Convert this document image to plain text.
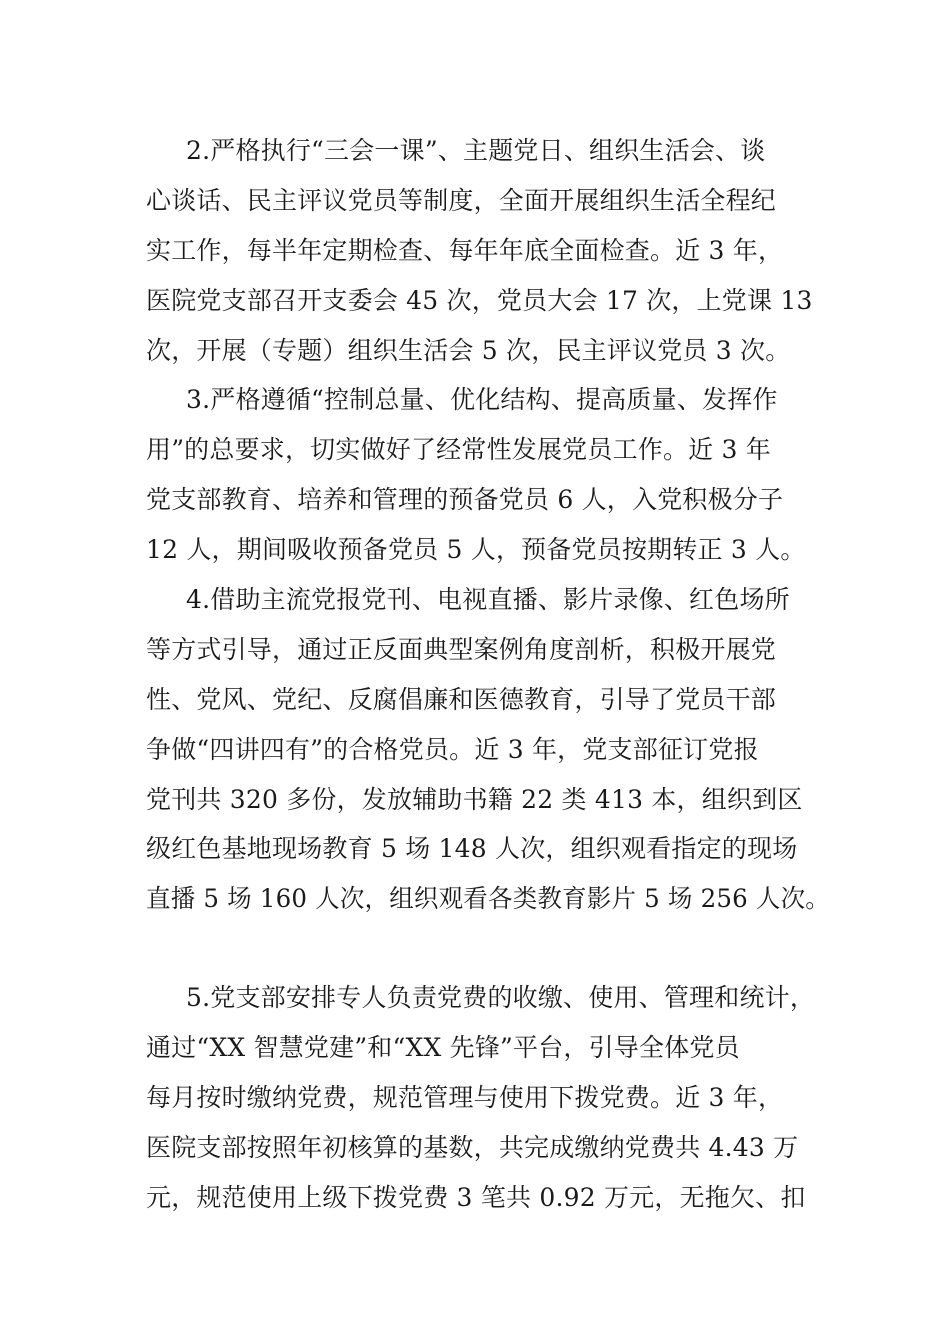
2.严格执行“三会一课”、主题党日、组织生活会、谈
心谈话、民主评议党员等制度，全面开展组织生活全程纪
实工作，每半年定期检查、每年年底全面检查。近 3 年，
医院党支部召开支委会 45 次，党员大会 17 次，上党课 13
次，开展（专题）组织生活会 5 次，民主评议党员 3 次。
3.严格遵循“控制总量、优化结构、提高质量、发挥作
用”的总要求，切实做好了经常性发展党员工作。近 3 年
党支部教育、培养和管理的预备党员 6 人，入党积极分子
12 人，期间吸收预备党员 5 人，预备党员按期转正 3 人。
4.借助主流党报党刊、电视直播、影片录像、红色场所
等方式引导，通过正反面典型案例角度剖析，积极开展党
性、党风、党纪、反腐倡廉和医德教育，引导了党员干部
争做“四讲四有”的合格党员。近 3 年，党支部征订党报
党刊共 320 多份，发放辅助书籍 22 类 413 本，组织到区
级红色基地现场教育 5 场 148 人次，组织观看指定的现场
直播 5 场 160 人次，组织观看各类教育影片 5 场 256 人次。
5.党支部安排专人负责党费的收缴、使用、管理和统计，
通过“XX 智慧党建”和“XX 先锋”平台，引导全体党员
每月按时缴纳党费，规范管理与使用下拨党费。近 3 年，
医院支部按照年初核算的基数，共完成缴纳党费共 4.43 万
元，规范使用上级下拨党费 3 笔共 0.92 万元，无拖欠、扣
